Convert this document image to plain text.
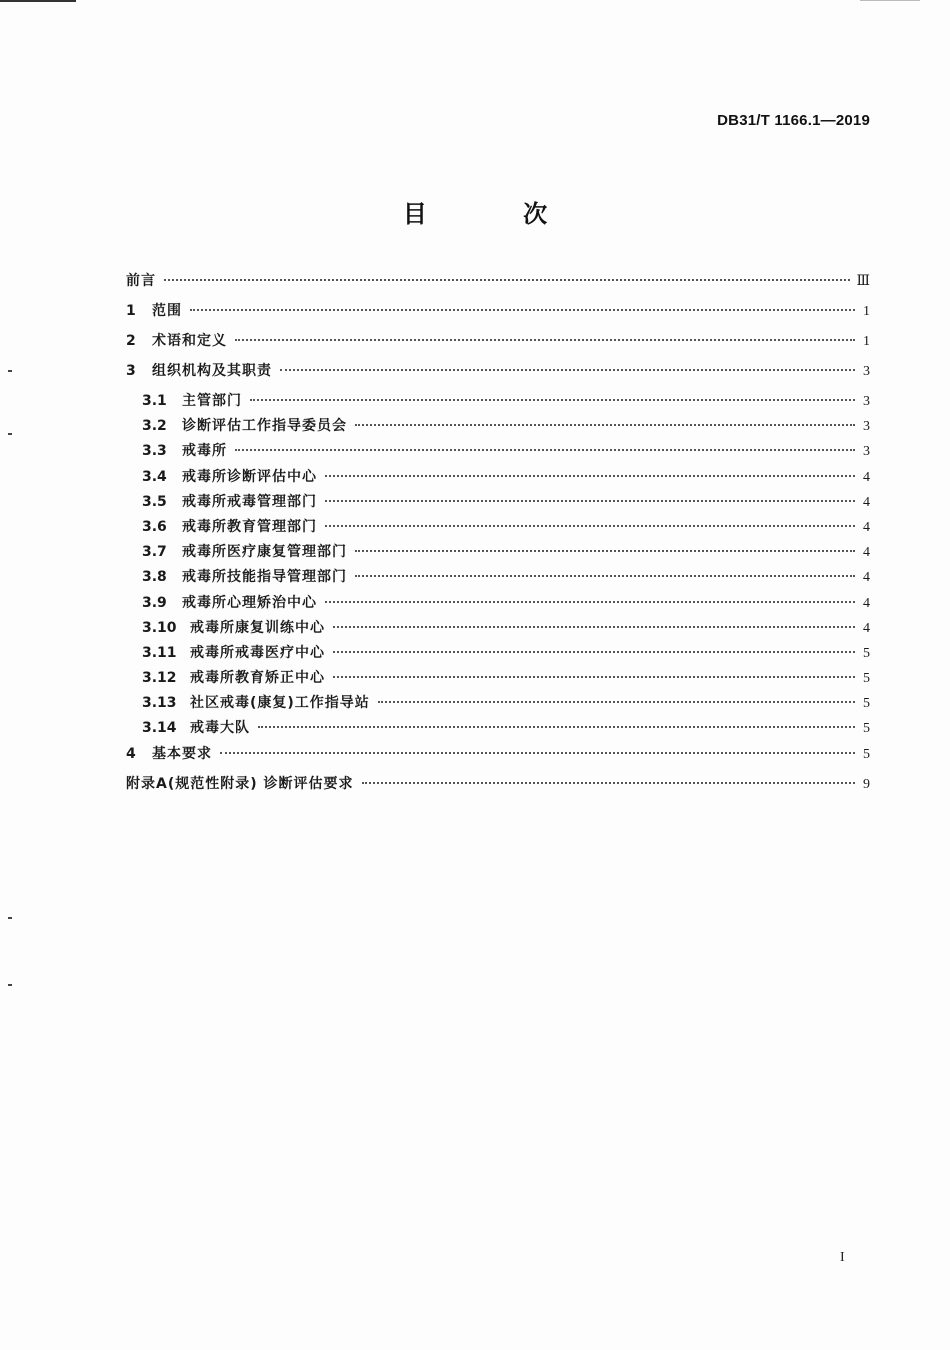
DB31/T 1166.1—2019
目 次
前言	Ⅲ
1	范围	1
2	术语和定义	1
3	组织机构及其职责	3
3.1	主管部门	3
3.2	诊断评估工作指导委员会	3
3.3	戒毒所	3
3.4	戒毒所诊断评估中心	4
3.5	戒毒所戒毒管理部门	4
3.6	戒毒所教育管理部门	4
3.7	戒毒所医疗康复管理部门	4
3.8	戒毒所技能指导管理部门	4
3.9	戒毒所心理矫治中心	4
3.10 戒毒所康复训练中心	4
3.11 戒毒所戒毒医疗中心	5
3.12 戒毒所教育矫正中心	5
3.13 社区戒毒(康复)工作指导站	5
3.14 戒毒大队	5
4	基本要求	5
附录A(规范性附录) 诊断评估要求	9
I
